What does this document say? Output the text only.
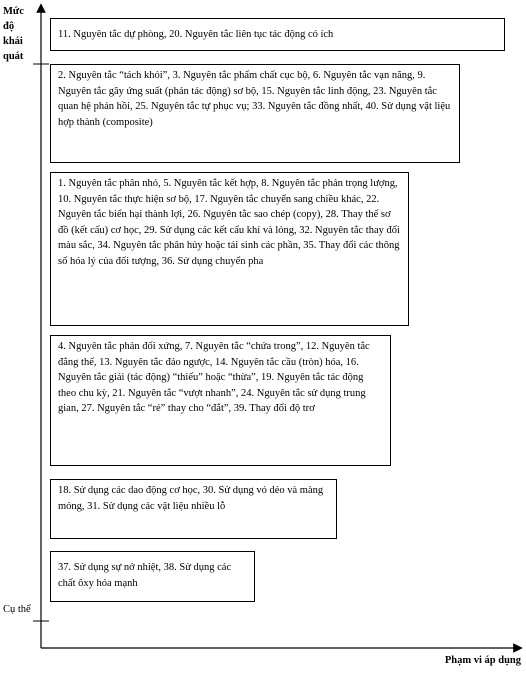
Mức độ khái quát
Cụ thể
Phạm vi áp dụng
11. Nguyên tắc dự phòng, 20. Nguyên tắc liên tục tác động có ích
2. Nguyên tắc “tách khỏi”, 3. Nguyên tắc phẩm chất cục bộ, 6. Nguyên tắc vạn năng, 9. Nguyên tắc gây ứng suất (phản tác động) sơ bộ, 15. Nguyên tắc linh động, 23. Nguyên tắc quan hệ phản hồi, 25. Nguyên tắc tự phục vụ; 33. Nguyên tắc đồng nhất, 40. Sử dụng vật liệu hợp thành (composite)
1. Nguyên tắc phân nhỏ, 5. Nguyên tắc kết hợp, 8. Nguyên tắc phản trọng lượng, 10. Nguyên tắc thực hiện sơ bộ, 17. Nguyên tắc chuyển sang chiều khác, 22. Nguyên tắc biến hại thành lợi, 26. Nguyên tắc sao chép (copy), 28. Thay thế sơ đồ (kết cấu) cơ học, 29. Sử dụng các kết cấu khí và lỏng, 32. Nguyên tắc thay đổi màu sắc, 34. Nguyên tắc phân hủy hoặc tái sinh các phần, 35. Thay đổi các thông số hóa lý của đối tượng, 36. Sử dụng chuyển pha
4. Nguyên tắc phản đối xứng, 7. Nguyên tắc “chứa trong”, 12. Nguyên tắc đẳng thế, 13. Nguyên tắc đảo ngược, 14. Nguyên tắc cầu (tròn) hóa, 16. Nguyên tắc giải (tác động) “thiếu” hoặc “thừa”, 19. Nguyên tắc tác động theo chu kỳ, 21. Nguyên tắc “vượt nhanh”, 24. Nguyên tắc sử dụng trung gian, 27. Nguyên tắc “rẻ” thay cho “đắt”, 39. Thay đổi độ trơ
18. Sử dụng các dao động cơ học, 30. Sử dụng vỏ dẻo và màng mỏng, 31. Sử dụng các vật liệu nhiều lỗ
37. Sử dụng sự nở nhiệt, 38. Sử dụng các chất ôxy hóa mạnh
